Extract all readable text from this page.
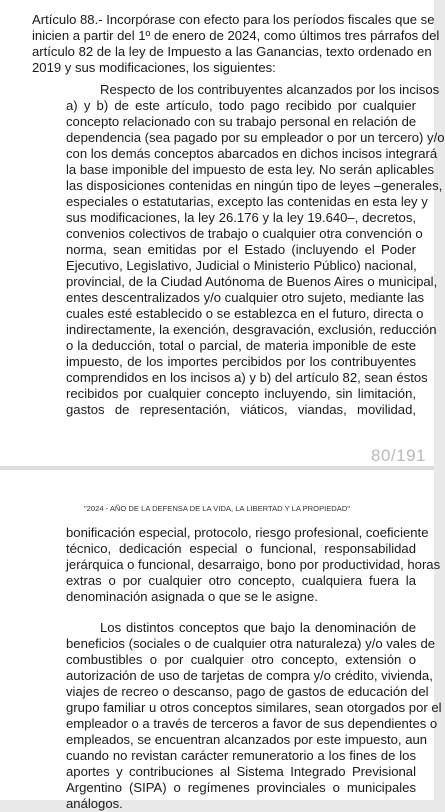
Artículo 88.- Incorpórase con efecto para los períodos fiscales que se
inicien a partir del 1º de enero de 2024, como últimos tres párrafos del
artículo 82 de la ley de Impuesto a las Ganancias, texto ordenado en
2019 y sus modificaciones, los siguientes:
Respecto de los contribuyentes alcanzados por los incisos
a) y b) de este artículo, todo pago recibido por cualquier
concepto relacionado con su trabajo personal en relación de
dependencia (sea pagado por su empleador o por un tercero) y/o
con los demás conceptos abarcados en dichos incisos integrará
la base imponible del impuesto de esta ley. No serán aplicables
las disposiciones contenidas en ningún tipo de leyes –generales,
especiales o estatutarias, excepto las contenidas en esta ley y
sus modificaciones, la ley 26.176 y la ley 19.640–, decretos,
convenios colectivos de trabajo o cualquier otra convención o
norma, sean emitidas por el Estado (incluyendo el Poder
Ejecutivo, Legislativo, Judicial o Ministerio Público) nacional,
provincial, de la Ciudad Autónoma de Buenos Aires o municipal,
entes descentralizados y/o cualquier otro sujeto, mediante las
cuales esté establecido o se establezca en el futuro, directa o
indirectamente, la exención, desgravación, exclusión, reducción
o la deducción, total o parcial, de materia imponible de este
impuesto, de los importes percibidos por los contribuyentes
comprendidos en los incisos a) y b) del artículo 82, sean éstos
recibidos por cualquier concepto incluyendo, sin limitación,
gastos de representación, viáticos, viandas, movilidad,
80/191
"2024 - AÑO DE LA DEFENSA DE LA VIDA, LA LIBERTAD Y LA PROPIEDAD"
bonificación especial, protocolo, riesgo profesional, coeficiente
técnico, dedicación especial o funcional, responsabilidad
jerárquica o funcional, desarraigo, bono por productividad, horas
extras o por cualquier otro concepto, cualquiera fuera la
denominación asignada o que se le asigne.
Los distintos conceptos que bajo la denominación de
beneficios (sociales o de cualquier otra naturaleza) y/o vales de
combustibles o por cualquier otro concepto, extensión o
autorización de uso de tarjetas de compra y/o crédito, vivienda,
viajes de recreo o descanso, pago de gastos de educación del
grupo familiar u otros conceptos similares, sean otorgados por el
empleador o a través de terceros a favor de sus dependientes o
empleados, se encuentran alcanzados por este impuesto, aun
cuando no revistan carácter remuneratorio a los fines de los
aportes y contribuciones al Sistema Integrado Previsional
Argentino (SIPA) o regímenes provinciales o municipales
análogos.
